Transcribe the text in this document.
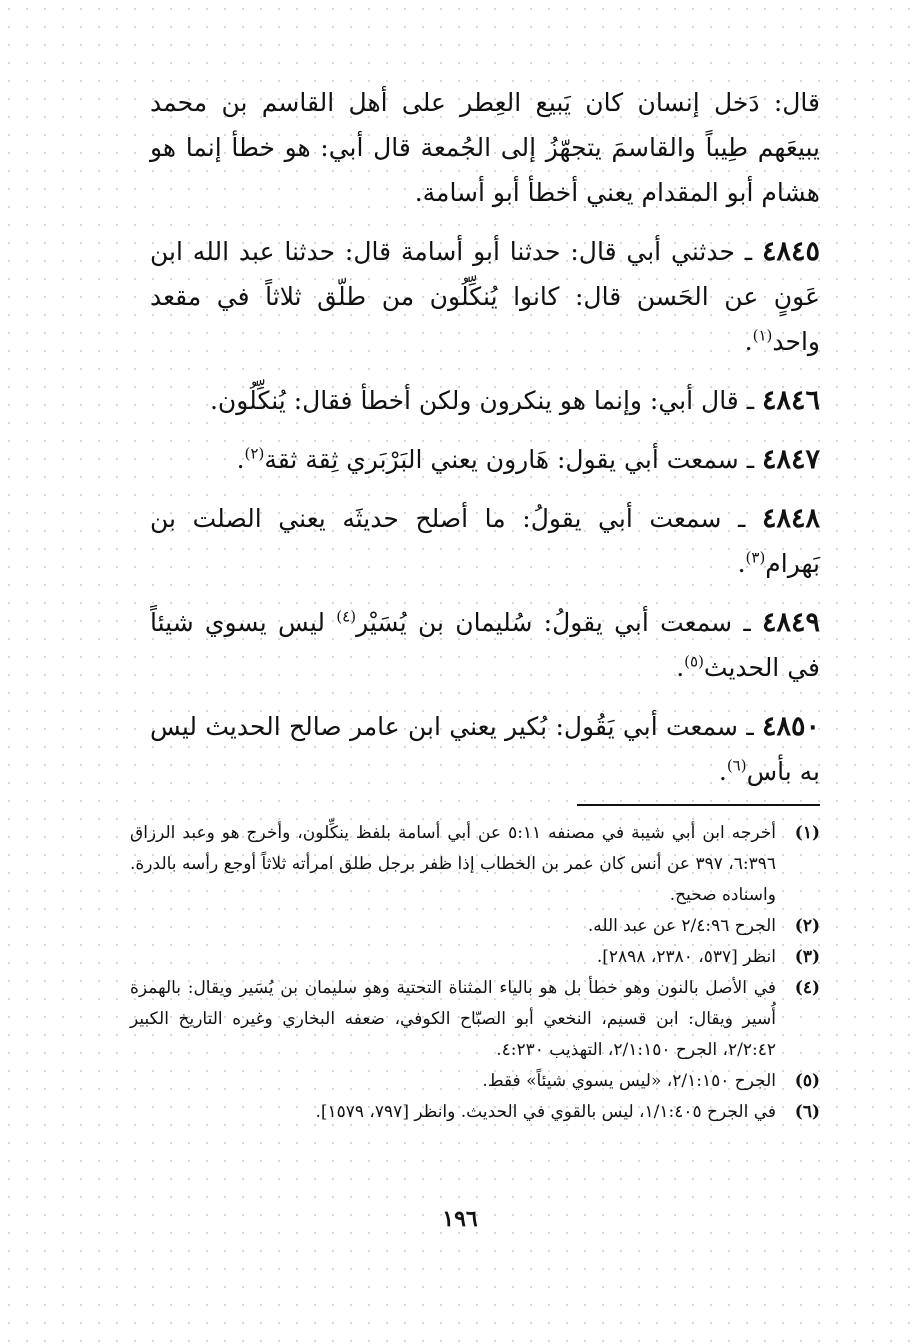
قال: دَخل إنسان كان يَبيع العِطر على أهل القاسم بن محمد يبيعَهم طِيباً والقاسمَ يتجهّزُ إلى الجُمعة قال أبي: هو خطأ إنما هو هشام أبو المقدام يعني أخطأ أبو أسامة.

٤٨٤٥ ـ حدثني أبي قال: حدثنا أبو أسامة قال: حدثنا عبد الله ابن عَونٍ عن الحَسن قال: كانوا يُنكِّلُون من طلّق ثلاثاً في مقعد واحد$^{(١)}$.

٤٨٤٦ ـ قال أبي: وإنما هو ينكرون ولكن أخطأ فقال: يُنكِّلُون.

٤٨٤٧ ـ سمعت أبي يقول: هَارون يعني البَرْبَري ثِقة ثقة$^{(٢)}$.

٤٨٤٨ ـ سمعت أبي يقولُ: ما أصلح حديثَه يعني الصلت بن بَهرام$^{(٣)}$.

٤٨٤٩ ـ سمعت أبي يقولُ: سُليمان بن يُسَيْر$^{(٤)}$ ليس يسوي شيئاً في الحديث$^{(٥)}$.

٤٨٥٠ ـ سمعت أبي يَقُول: بُكير يعني ابن عامر صالح الحديث ليس به بأس$^{(٦)}$.

(١)
أخرجه ابن أبي شيبة في مصنفه ٥:١١ عن أبي أسامة بلفظ ينكِّلون، وأخرج هو وعبد الرزاق ٦:٣٩٦، ٣٩٧ عن أنس كان عمر بن الخطاب إذا ظفر برجل طلق امرأته ثلاثاً أوجع رأسه بالدرة. واسناده صحيح.
(٢)
الجرح ٢/٤:٩٦ عن عبد الله.
(٣)
انظر [٥٣٧، ٢٣٨٠، ٢٨٩٨].
(٤)
في الأصل بالنون وهو خطأ بل هو بالياء المثناة التحتية وهو سليمان بن يُسَير ويقال: بالهمزة أُسير ويقال: ابن قسيم، النخعي أبو الصبّاح الكوفي، ضعفه البخاري وغيره التاريخ الكبير ٢/٢:٤٢، الجرح ٢/١:١٥٠، التهذيب ٤:٢٣٠.
(٥)
الجرح ٢/١:١٥٠، «ليس يسوي شيئاً» فقط.
(٦)
في الجرح ١/١:٤٠٥، ليس بالقوي في الحديث. وانظر [٧٩٧، ١٥٧٩].
١٩٦
